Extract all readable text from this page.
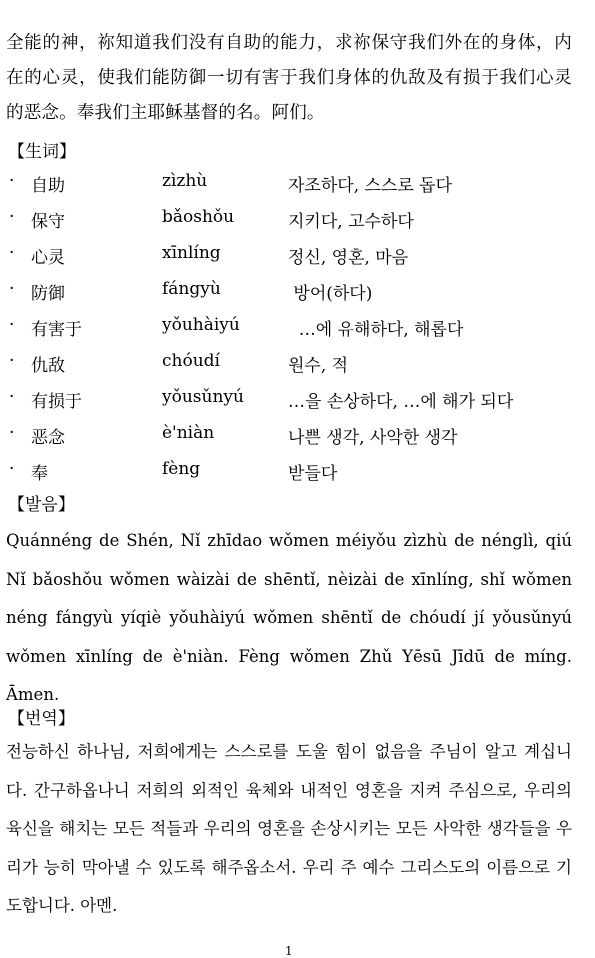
全能的神，祢知道我们没有自助的能力，求祢保守我们外在的身体，内在的心灵，使我们能防御一切有害于我们身体的仇敌及有损于我们心灵的恶念。奉我们主耶稣基督的名。阿们。

【生词】

· 自助	zìzhù	자조하다, 스스로 돕다
· 保守	bǎoshǒu	지키다, 고수하다
· 心灵	xīnlíng	정신, 영혼, 마음
· 防御	fángyù	방어(하다)
· 有害于	yǒuhàiyú	…에 유해하다, 해롭다
· 仇敌	chóudí	원수, 적
· 有损于	yǒusǔnyú	…을 손상하다, …에 해가 되다
· 恶念	è'niàn	나쁜 생각, 사악한 생각
· 奉	fèng	받들다

【발음】

Quánnéng de Shén, Nǐ zhīdao wǒmen méiyǒu zìzhù de nénglì, qiú Nǐ bǎoshǒu wǒmen wàizài de shēntǐ, nèizài de xīnlíng, shǐ wǒmen néng fángyù yíqiè yǒuhàiyú wǒmen shēntǐ de chóudí jí yǒusǔnyú wǒmen xīnlíng de è'niàn. Fèng wǒmen Zhǔ Yēsū Jīdū de míng. Āmen.

【번역】

전능하신 하나님, 저희에게는 스스로를 도울 힘이 없음을 주님이 알고 계십니다. 간구하옵나니 저희의 외적인 육체와 내적인 영혼을 지켜 주심으로, 우리의 육신을 해치는 모든 적들과 우리의 영혼을 손상시키는 모든 사악한 생각들을 우리가 능히 막아낼 수 있도록 해주옵소서. 우리 주 예수 그리스도의 이름으로 기도합니다. 아멘.

1
